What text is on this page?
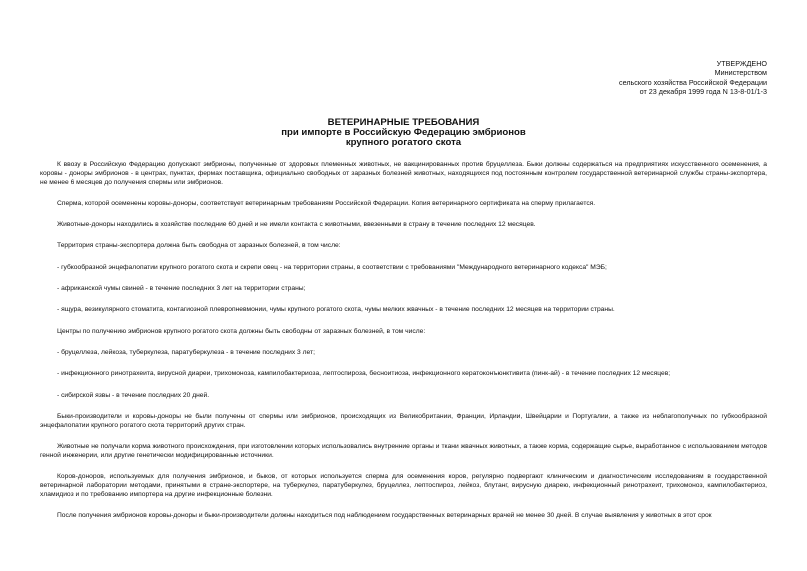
УТВЕРЖДЕНО
Министерством
сельского хозяйства Российской Федерации
от 23 декабря 1999 года N 13-8-01/1-3
ВЕТЕРИНАРНЫЕ ТРЕБОВАНИЯ
при импорте в Российскую Федерацию эмбрионов
крупного рогатого скота

К ввозу в Российскую Федерацию допускают эмбрионы, полученные от здоровых племенных животных, не вакцинированных против бруцеллеза. Быки должны содержаться на предприятиях искусственного осеменения, а коровы - доноры эмбрионов - в центрах, пунктах, фермах поставщика, официально свободных от заразных болезней животных, находящихся под постоянным контролем государственной ветеринарной службы страны-экспортера, не менее 6 месяцев до получения спермы или эмбрионов.

Сперма, которой осеменены коровы-доноры, соответствует ветеринарным требованиям Российской Федерации. Копия ветеринарного сертификата на сперму прилагается.

Животные-доноры находились в хозяйстве последние 60 дней и не имели контакта с животными, ввезенными в страну в течение последних 12 месяцев.

Территория страны-экспортера должна быть свободна от заразных болезней, в том числе:

- губкообразной энцефалопатии крупного рогатого скота и скрепи овец - на территории страны, в соответствии с требованиями "Международного ветеринарного кодекса" МЭБ;

- африканской чумы свиней - в течение последних 3 лет на территории страны;

- ящура, везикулярного стоматита, контагиозной плевропневмонии, чумы крупного рогатого скота, чумы мелких жвачных - в течение последних 12 месяцев на территории страны.

Центры по получению эмбрионов крупного рогатого скота должны быть свободны от заразных болезней, в том числе:

- бруцеллеза, лейкоза, туберкулеза, паратуберкулеза - в течение последних 3 лет;

- инфекционного ринотрахеита, вирусной диареи, трихомоноза, кампилобактериоза, лептоспироза, бесноитиоза, инфекционного кератоконъюнктивита (пинк-ай) - в течение последних 12 месяцев;

- сибирской язвы - в течение последних 20 дней.

Быки-производители и коровы-доноры не были получены от спермы или эмбрионов, происходящих из Великобритании, Франции, Ирландии, Швейцарии и Португалии, а также из неблагополучных по губкообразной энцефалопатии крупного рогатого скота территорий других стран.

Животные не получали корма животного происхождения, при изготовлении которых использовались внутренние органы и ткани жвачных животных, а также корма, содержащие сырье, выработанное с использованием методов генной инженерии, или другие генетически модифицированные источники.

Коров-доноров, используемых для получения эмбрионов, и быков, от которых используется сперма для осеменения коров, регулярно подвергают клиническим и диагностическим исследованиям в государственной ветеринарной лаборатории методами, принятыми в стране-экспортере, на туберкулез, паратуберкулез, бруцеллез, лептоспироз, лейкоз, блутанг, вирусную диарею, инфекционный ринотрахеит, трихомоноз, кампилобактериоз, хламидиоз и по требованию импортера на другие инфекционные болезни.

После получения эмбрионов коровы-доноры и быки-производители должны находиться под наблюдением государственных ветеринарных врачей не менее 30 дней. В случае выявления у животных в этот срок
